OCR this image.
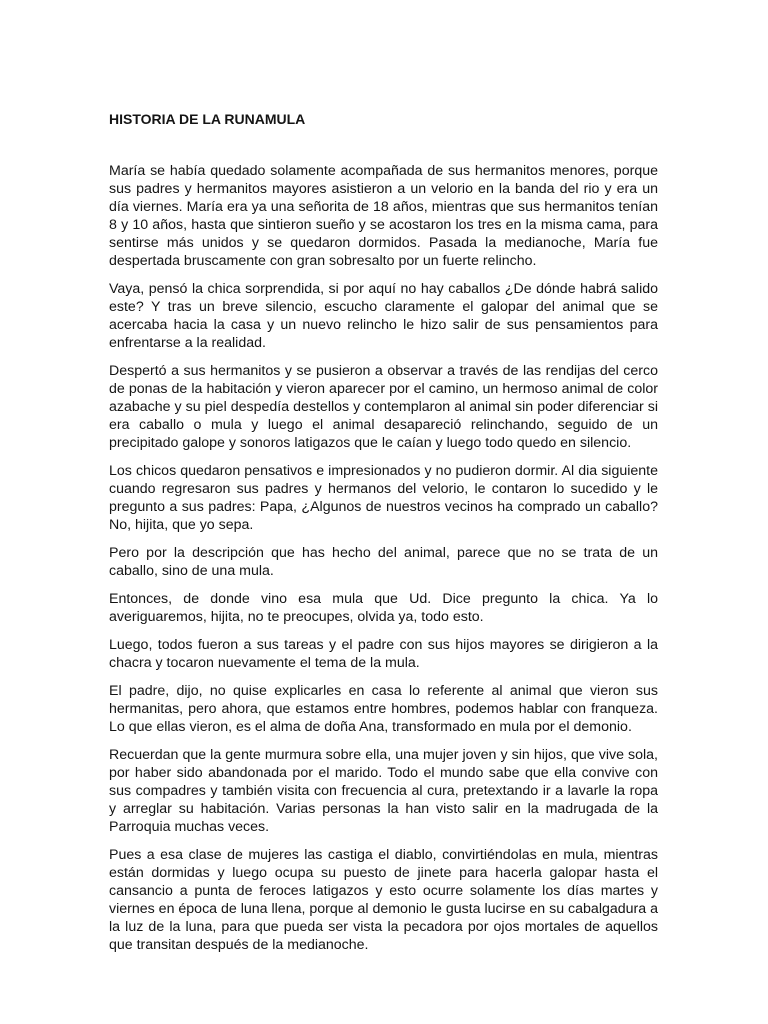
HISTORIA DE LA RUNAMULA

María se había quedado solamente acompañada de sus hermanitos menores, porque sus padres y hermanitos mayores asistieron a un velorio en la banda del rio y era un día viernes. María era ya una señorita de 18 años, mientras que sus hermanitos tenían 8 y 10 años, hasta que sintieron sueño y se acostaron los tres en la misma cama, para sentirse más unidos y se quedaron dormidos. Pasada la medianoche, María fue despertada bruscamente con gran sobresalto por un fuerte relincho.

Vaya, pensó la chica sorprendida, si por aquí no hay caballos ¿De dónde habrá salido este? Y tras un breve silencio, escucho claramente el galopar del animal que se acercaba hacia la casa y un nuevo relincho le hizo salir de sus pensamientos para enfrentarse a la realidad.

Despertó a sus hermanitos y se pusieron a observar a través de las rendijas del cerco de ponas de la habitación y vieron aparecer por el camino, un hermoso animal de color azabache y su piel despedía destellos y contemplaron al animal sin poder diferenciar si era caballo o mula y luego el animal desapareció relinchando, seguido de un precipitado galope y sonoros latigazos que le caían y luego todo quedo en silencio.

Los chicos quedaron pensativos e impresionados y no pudieron dormir. Al dia siguiente cuando regresaron sus padres y hermanos del velorio, le contaron lo sucedido y le pregunto a sus padres: Papa, ¿Algunos de nuestros vecinos ha comprado un caballo? No, hijita, que yo sepa.

Pero por la descripción que has hecho del animal, parece que no se trata de un caballo, sino de una mula.

Entonces, de donde vino esa mula que Ud. Dice pregunto la chica. Ya lo averiguaremos, hijita, no te preocupes, olvida ya, todo esto.

Luego, todos fueron a sus tareas y el padre con sus hijos mayores se dirigieron a la chacra y tocaron nuevamente el tema de la mula.

El padre, dijo, no quise explicarles en casa lo referente al animal que vieron sus hermanitas, pero ahora, que estamos entre hombres, podemos hablar con franqueza. Lo que ellas vieron, es el alma de doña Ana, transformado en mula por el demonio.

Recuerdan que la gente murmura sobre ella, una mujer joven y sin hijos, que vive sola, por haber sido abandonada por el marido. Todo el mundo sabe que ella convive con sus compadres y también visita con frecuencia al cura, pretextando ir a lavarle la ropa y arreglar su habitación. Varias personas la han visto salir en la madrugada de la Parroquia muchas veces.

Pues a esa clase de mujeres las castiga el diablo, convirtiéndolas en mula, mientras están dormidas y luego ocupa su puesto de jinete para hacerla galopar hasta el cansancio a punta de feroces latigazos y esto ocurre solamente los días martes y viernes en época de luna llena, porque al demonio le gusta lucirse en su cabalgadura a la luz de la luna, para que pueda ser vista la pecadora por ojos mortales de aquellos que transitan después de la medianoche.
